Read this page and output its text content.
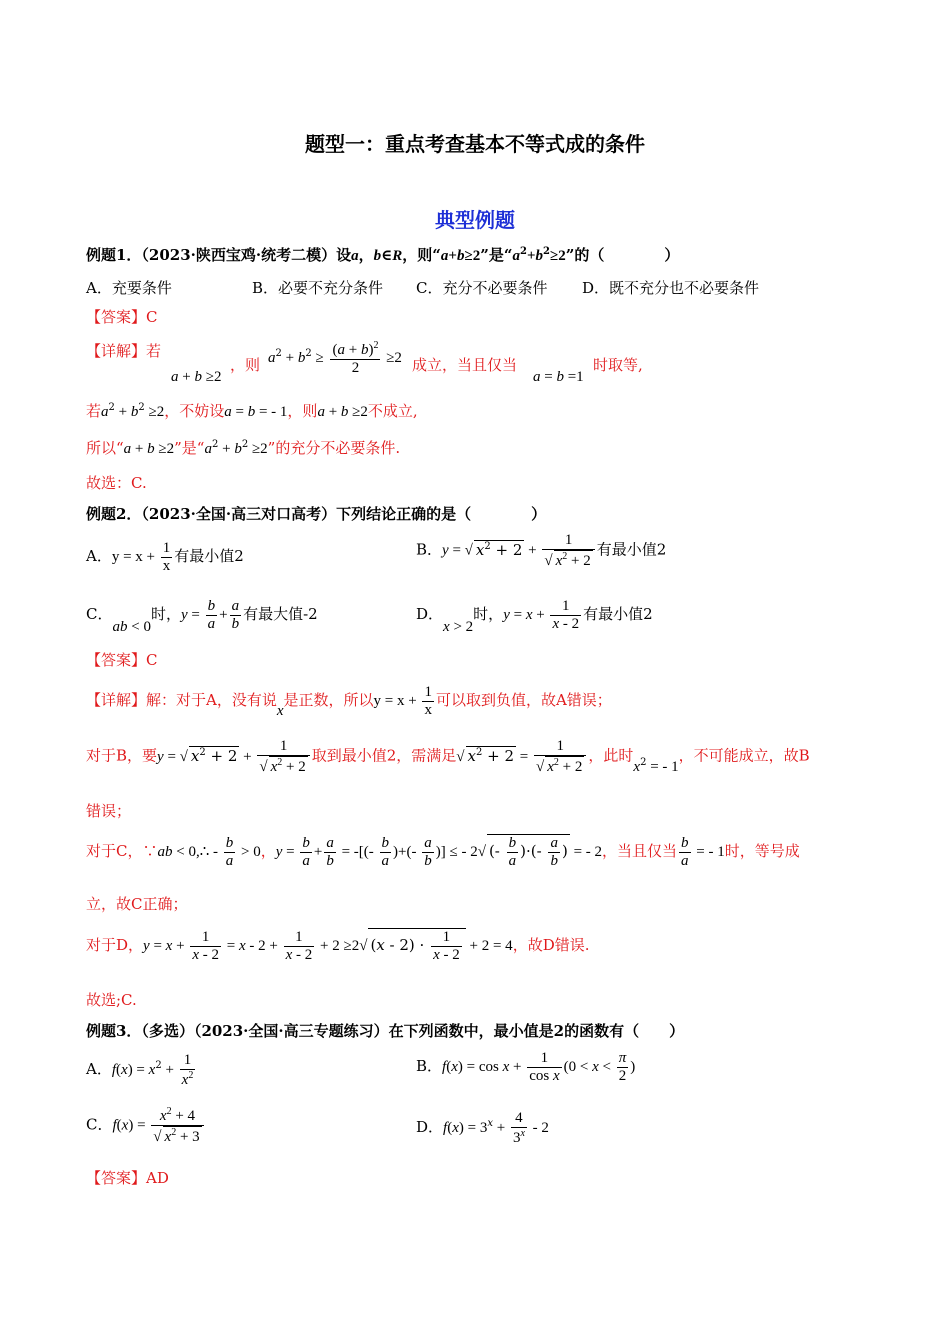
题型一：重点考查基本不等式成的条件
典型例题
例题1．（2023·陕西宝鸡·统考二模）设a，b∈R，则“a+b≥2”是“$a^2+b^2\ge 2$”的（　　　　）
A．充要条件	B．必要不充分条件 C．充分不必要条件 D．既不充分也不必要条件
【答案】C
【详解】若
a + b ≥2
，则 $a^2 + b^2 \ge \frac{(a + b)^2}{2} \ge 2$ 成立，当且仅当
a = b =1
时取等,
若$a^2 + b^2 \ge 2$，不妨设a = b = - 1，则a + b ≥2不成立,
所以“a + b ≥2”是“$a^2 + b^2 \ge 2$”的充分不必要条件.
故选：C.
例题2．（2023·全国·高三对口高考）下列结论正确的是（　　　　）
A．$y = x + \frac{1}{x}$ 有最小值2	B．y = √ $x^2 + 2 + \frac{1}{√ x^2 + 2}$ 有最小值2
C．ab < 0时，$y = \frac{b}{a} + \frac{a}{b}$ 有最大值-2	D．x > 2时，$y = x + \frac{1}{x - 2}$ 有最小值2
【答案】C
【详解】解：对于A，没有说x是正数，所以$y = x + \frac{1}{x}$ 可以取到负值，故A错误；
对于B，要y = √ $x^2 + 2 + \frac{1}{√ x^2 + 2}$ 取到最小值2，需满足√ $x^2 + 2 = \frac{1}{√ x^2 + 2}$ ，此时$x^2$ = - 1，不可能成立，故B
错误；
对于C，∵ab < 0,∴ - $\frac{b}{a} > 0$，$y = \frac{b}{a} + \frac{a}{b}$ = -[(- $\frac{b}{a}$ )+(- $\frac{a}{b}$ )] ≤ - 2√ (- $\frac{b}{a}$ )·(- $\frac{a}{b}$ ) = - 2，当且仅当 $\frac{b}{a}$ = - 1时，等号成
立，故C正确；
对于D，$y = x + \frac{1}{x - 2} = x - 2 + \frac{1}{x - 2} + 2 \ge 2√$ $(x - 2) \cdot \frac{1}{x - 2} + 2 = 4$，故D错误.
故选;C.
例题3．（多选）（2023·全国·高三专题练习）在下列函数中，最小值是2的函数有（　　）
A．$f(x) = x^2 + \frac{1}{x^2}$	B．$f(x) = \cos x + \frac{1}{\text{cos x}} (0 < x < \frac{\pi}{2}$ )
C．$f(x) = \frac{x^2 + 4}{√ x^2 + 3}$	D．$f(x) = 3^x + \frac{4}{3^x} - 2$
【答案】AD
